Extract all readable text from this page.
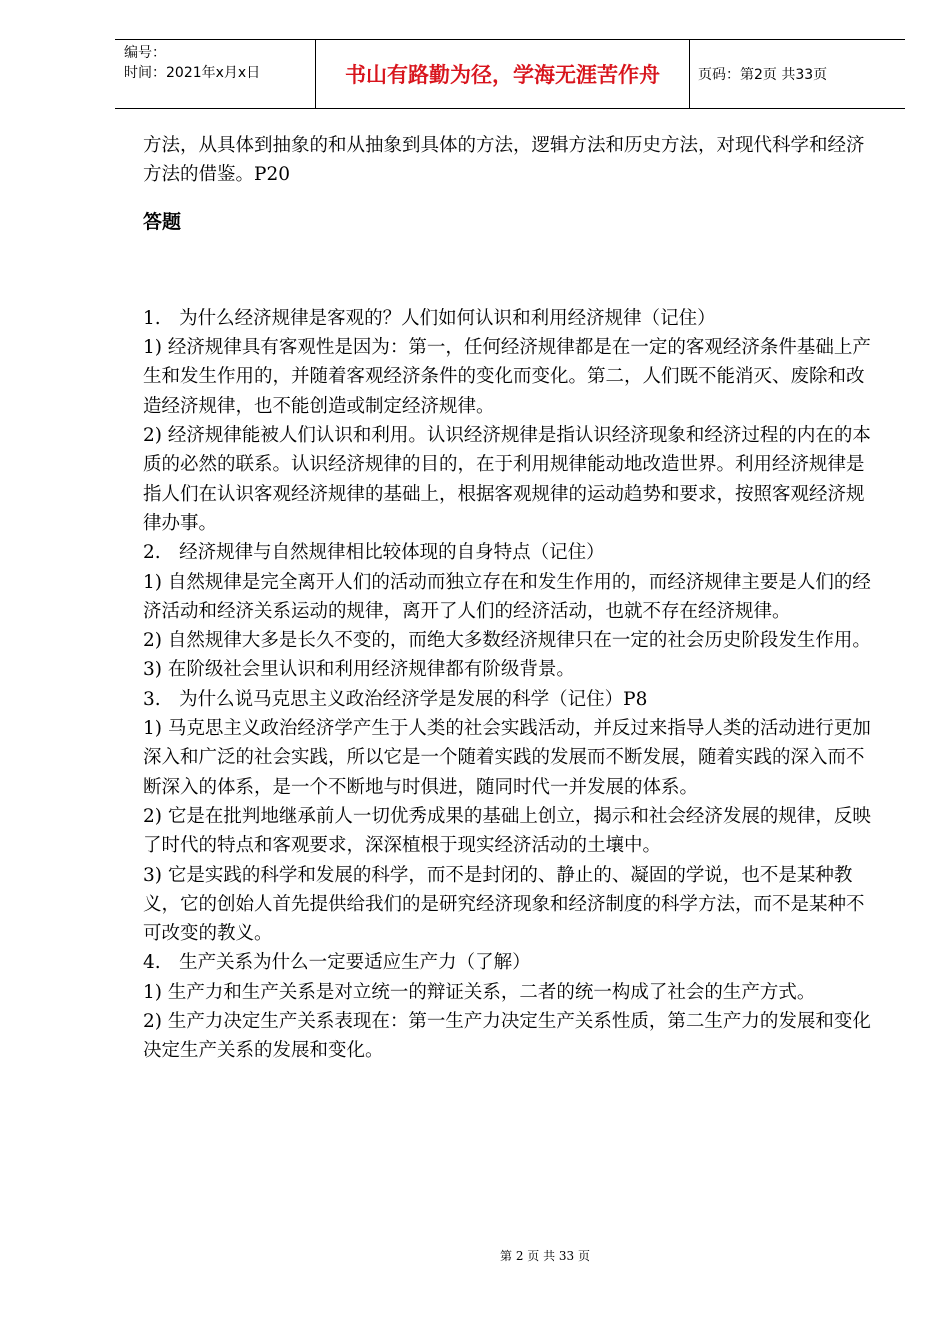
编号：
时间：2021年x月x日	书山有路勤为径，学海无涯苦作舟	页码：第2页 共33页

方法，从具体到抽象的和从抽象到具体的方法，逻辑方法和历史方法，对现代科学和经济方法的借鉴。P20

答题

1.　为什么经济规律是客观的？人们如何认识和利用经济规律（记住）

1) 经济规律具有客观性是因为：第一，任何经济规律都是在一定的客观经济条件基础上产生和发生作用的，并随着客观经济条件的变化而变化。第二，人们既不能消灭、废除和改造经济规律，也不能创造或制定经济规律。

2) 经济规律能被人们认识和利用。认识经济规律是指认识经济现象和经济过程的内在的本质的必然的联系。认识经济规律的目的，在于利用规律能动地改造世界。利用经济规律是指人们在认识客观经济规律的基础上，根据客观规律的运动趋势和要求，按照客观经济规律办事。

2.　经济规律与自然规律相比较体现的自身特点（记住）

1) 自然规律是完全离开人们的活动而独立存在和发生作用的，而经济规律主要是人们的经济活动和经济关系运动的规律，离开了人们的经济活动，也就不存在经济规律。

2) 自然规律大多是长久不变的，而绝大多数经济规律只在一定的社会历史阶段发生作用。

3) 在阶级社会里认识和利用经济规律都有阶级背景。

3.　为什么说马克思主义政治经济学是发展的科学（记住）P8

1) 马克思主义政治经济学产生于人类的社会实践活动，并反过来指导人类的活动进行更加深入和广泛的社会实践，所以它是一个随着实践的发展而不断发展，随着实践的深入而不断深入的体系，是一个不断地与时俱进，随同时代一并发展的体系。

2) 它是在批判地继承前人一切优秀成果的基础上创立，揭示和社会经济发展的规律，反映了时代的特点和客观要求，深深植根于现实经济活动的土壤中。

3) 它是实践的科学和发展的科学，而不是封闭的、静止的、凝固的学说，也不是某种教义，它的创始人首先提供给我们的是研究经济现象和经济制度的科学方法，而不是某种不可改变的教义。

4.　生产关系为什么一定要适应生产力（了解）

1) 生产力和生产关系是对立统一的辩证关系，二者的统一构成了社会的生产方式。

2) 生产力决定生产关系表现在：第一生产力决定生产关系性质，第二生产力的发展和变化决定生产关系的发展和变化。

第 2 页 共 33 页
